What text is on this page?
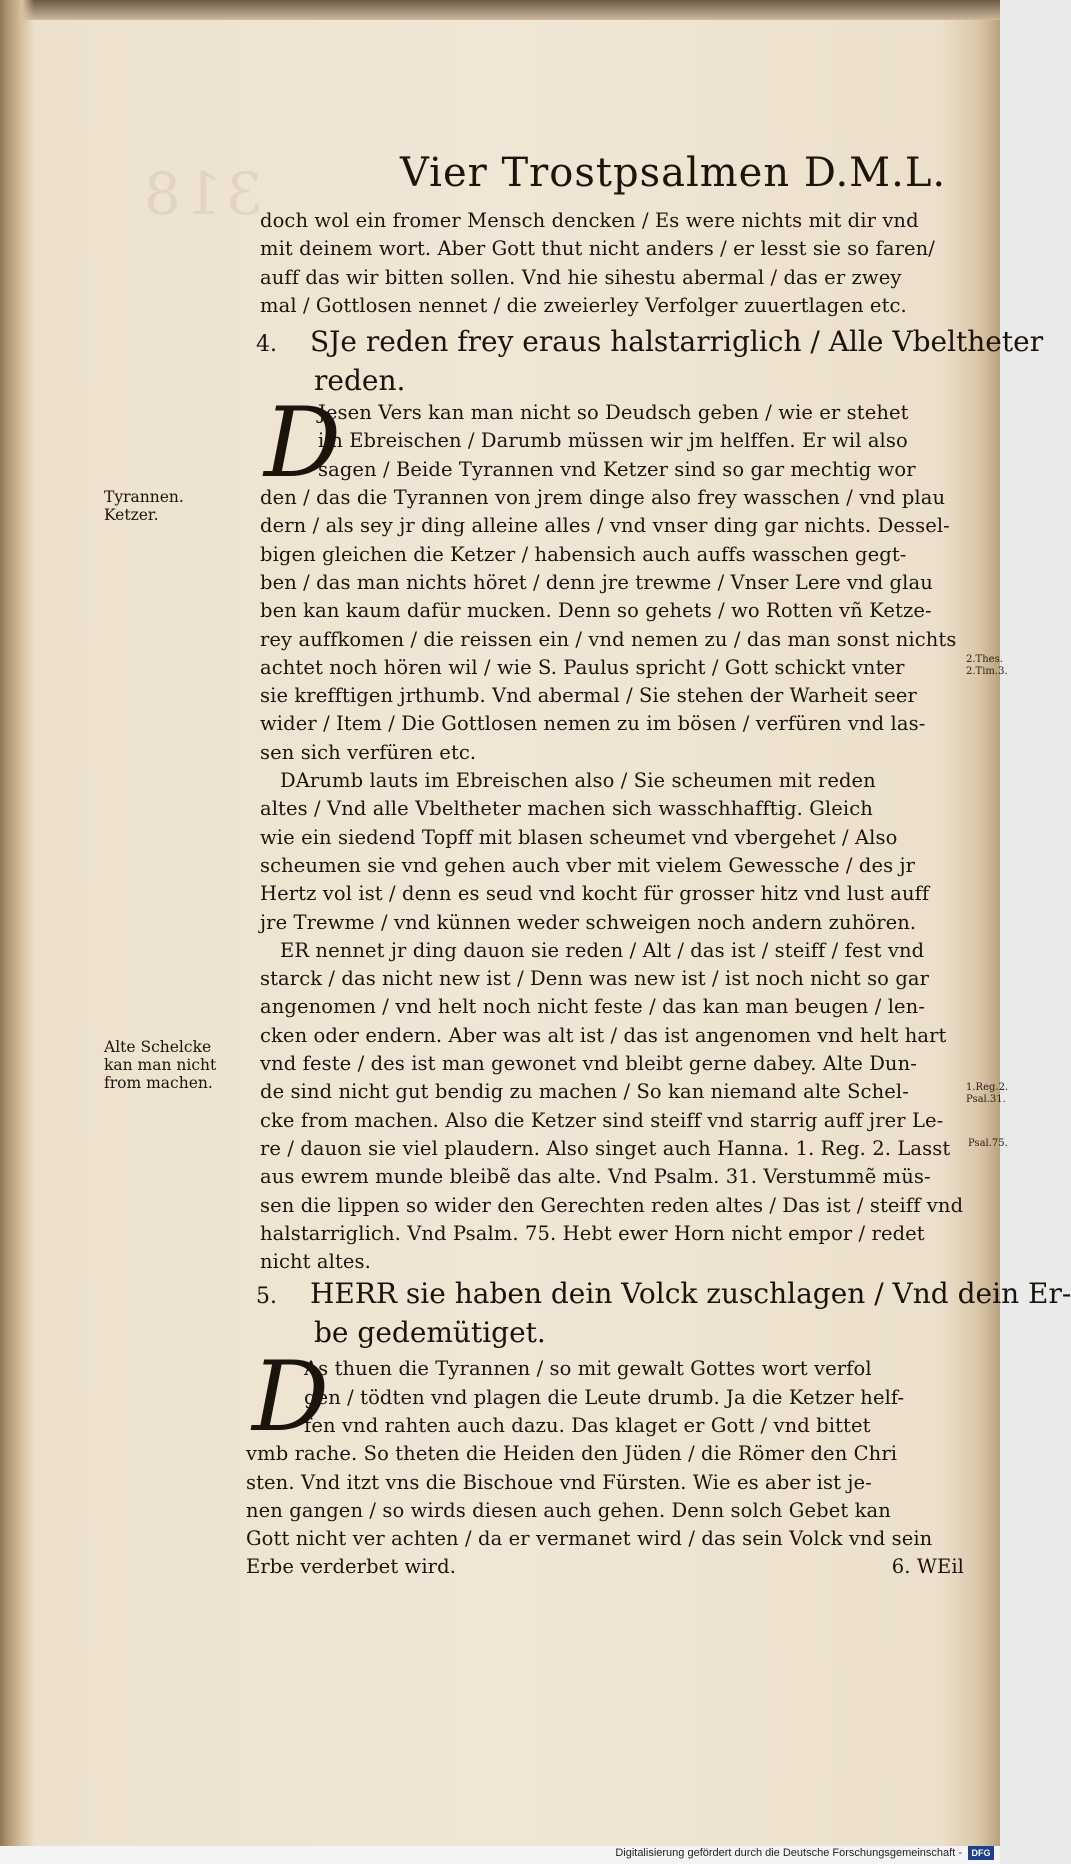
318	Vier Trostpsalmen D.M.L.
doch wol ein fromer Mensch dencken / Es were nichts mit dir vnd
mit deinem wort. Aber Gott thut nicht anders / er lesst sie so faren/
auff das wir bitten sollen. Vnd hie sihestu abermal / das er zwey
mal / Gottlosen nennet / die zweierley Verfolger zuuertlagen etc.
4. SJe reden frey eraus halstarriglich / Alle Vbeltheter
reden.
D
Jesen Vers kan man nicht so Deudsch geben / wie er stehet
im Ebreischen / Darumb müssen wir jm helffen. Er wil also
sagen / Beide Tyrannen vnd Ketzer sind so gar mechtig wor
den / das die Tyrannen von jrem dinge also frey wasschen / vnd plau
dern / als sey jr ding alleine alles / vnd vnser ding gar nichts. Dessel-
bigen gleichen die Ketzer / habensich auch auffs wasschen gegt-
ben / das man nichts höret / denn jre trewme / Vnser Lere vnd glau
ben kan kaum dafür mucken. Denn so gehets / wo Rotten vñ Ketze-
rey auffkomen / die reissen ein / vnd nemen zu / das man sonst nichts
achtet noch hören wil / wie S. Paulus spricht / Gott schickt vnter
sie krefftigen jrthumb. Vnd abermal / Sie stehen der Warheit seer
wider / Item / Die Gottlosen nemen zu im bösen / verfüren vnd las-
sen sich verfüren etc.
DArumb lauts im Ebreischen also / Sie scheumen mit reden
altes / Vnd alle Vbeltheter machen sich wasschhafftig. Gleich
wie ein siedend Topff mit blasen scheumet vnd vbergehet / Also
scheumen sie vnd gehen auch vber mit vielem Gewessche / des jr
Hertz vol ist / denn es seud vnd kocht für grosser hitz vnd lust auff
jre Trewme / vnd künnen weder schweigen noch andern zuhören.
ER nennet jr ding dauon sie reden / Alt / das ist / steiff / fest vnd
starck / das nicht new ist / Denn was new ist / ist noch nicht so gar
angenomen / vnd helt noch nicht feste / das kan man beugen / len-
cken oder endern. Aber was alt ist / das ist angenomen vnd helt hart
vnd feste / des ist man gewonet vnd bleibt gerne dabey. Alte Dun-
de sind nicht gut bendig zu machen / So kan niemand alte Schel-
cke from machen. Also die Ketzer sind steiff vnd starrig auff jrer Le-
re / dauon sie viel plaudern. Also singet auch Hanna. 1. Reg. 2. Lasst
aus ewrem munde bleibẽ das alte. Vnd Psalm. 31. Verstummẽ müs-
sen die lippen so wider den Gerechten reden altes / Das ist / steiff vnd
halstarriglich. Vnd Psalm. 75. Hebt ewer Horn nicht empor / redet
nicht altes.
5. HERR sie haben dein Volck zuschlagen / Vnd dein Er-
be gedemütiget.
D
As thuen die Tyrannen / so mit gewalt Gottes wort verfol
gen / tödten vnd plagen die Leute drumb. Ja die Ketzer helf-
fen vnd rahten auch dazu. Das klaget er Gott / vnd bittet
vmb rache. So theten die Heiden den Jüden / die Römer den Chri
sten. Vnd itzt vns die Bischoue vnd Fürsten. Wie es aber ist je-
nen gangen / so wirds diesen auch gehen. Denn solch Gebet kan
Gott nicht ver achten / da er vermanet wird / das sein Volck vnd sein
Erbe verderbet wird.	6. WEil
Tyrannen.
Ketzer.
Alte Schelcke
kan man nicht
from machen.
2.Thes.
2.Tim.3.
1.Reg.2.
Psal.31.
Psal.75.
Digitalisierung gefördert durch die Deutsche Forschungsgemeinschaft -	DFG
